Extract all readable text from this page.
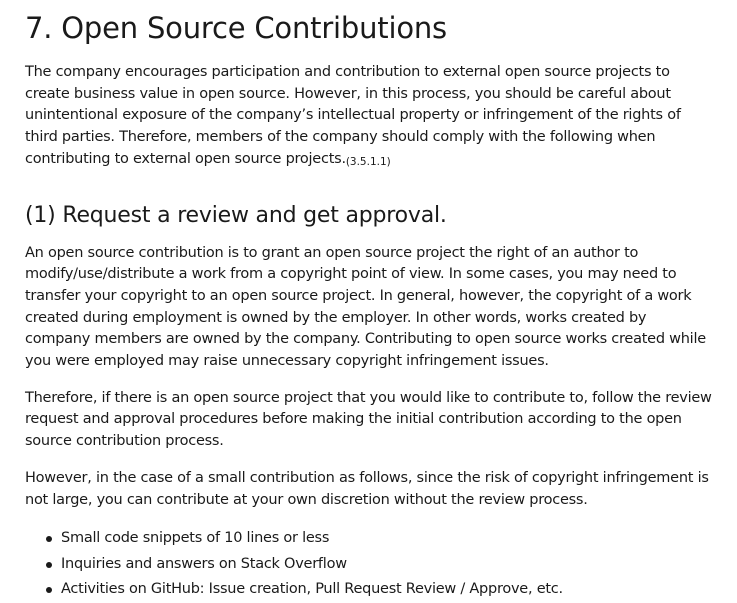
7. Open Source Contributions

The company encourages participation and contribution to external open source projects to create business value in open source. However, in this process, you should be careful about unintentional exposure of the company’s intellectual property or infringement of the rights of third parties. Therefore, members of the company should comply with the following when contributing to external open source $projects._{(3.5.1.1)}$

(1) Request a review and get approval.

An open source contribution is to grant an open source project the right of an author to modify/use/distribute a work from a copyright point of view. In some cases, you may need to transfer your copyright to an open source project. In general, however, the copyright of a work created during employment is owned by the employer. In other words, works created by company members are owned by the company. Contributing to open source works created while you were employed may raise unnecessary copyright infringement issues.

Therefore, if there is an open source project that you would like to contribute to, follow the review request and approval procedures before making the initial contribution according to the open source contribution process.

However, in the case of a small contribution as follows, since the risk of copyright infringement is not large, you can contribute at your own discretion without the review process.

Small code snippets of 10 lines or less
Inquiries and answers on Stack Overflow
Activities on GitHub: Issue creation, Pull Request Review / Approve, etc.
